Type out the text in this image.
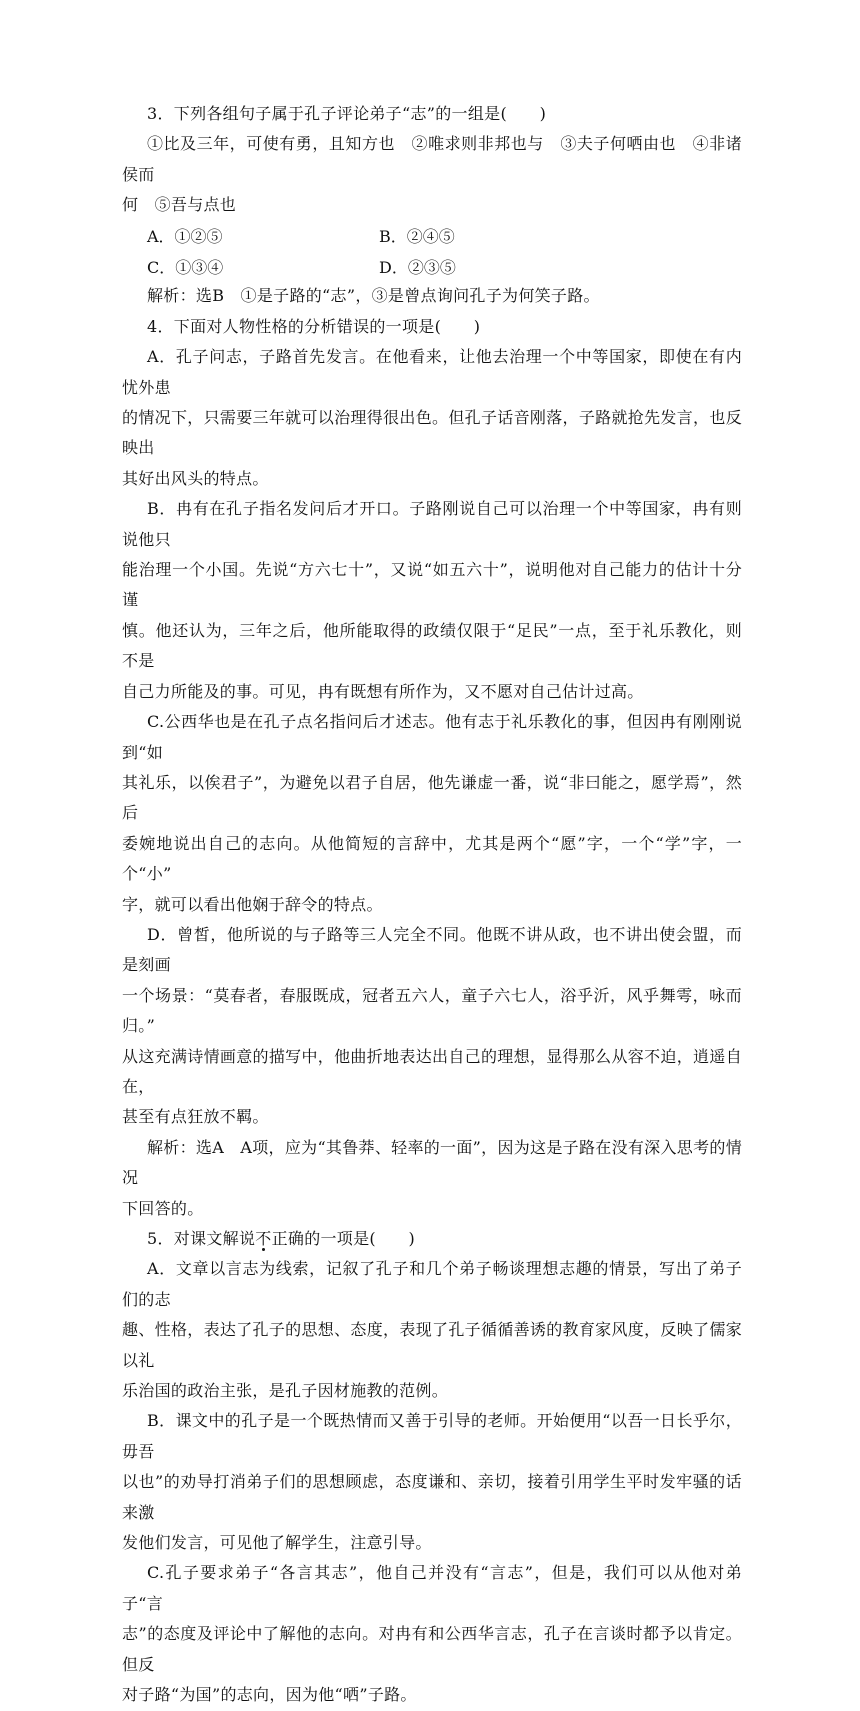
3．下列各组句子属于孔子评论弟子“志”的一组是(　　)

①比及三年，可使有勇，且知方也　②唯求则非邦也与　③夫子何哂由也　④非诸侯而

何　⑤吾与点也

A．①②⑤	B．②④⑤
C．①③④	D．②③⑤

解析：选B　①是子路的“志”，③是曾点询问孔子为何笑子路。

4．下面对人物性格的分析错误的一项是(　　)

A．孔子问志，子路首先发言。在他看来，让他去治理一个中等国家，即使在有内忧外患

的情况下，只需要三年就可以治理得很出色。但孔子话音刚落，子路就抢先发言，也反映出

其好出风头的特点。

B．冉有在孔子指名发问后才开口。子路刚说自己可以治理一个中等国家，冉有则说他只

能治理一个小国。先说“方六七十”，又说“如五六十”，说明他对自己能力的估计十分谨

慎。他还认为，三年之后，他所能取得的政绩仅限于“足民”一点，至于礼乐教化，则不是

自己力所能及的事。可见，冉有既想有所作为，又不愿对自己估计过高。

C.公西华也是在孔子点名指问后才述志。他有志于礼乐教化的事，但因冉有刚刚说到“如

其礼乐，以俟君子”，为避免以君子自居，他先谦虚一番，说“非曰能之，愿学焉”，然后

委婉地说出自己的志向。从他简短的言辞中，尤其是两个“愿”字，一个“学”字，一个“小”

字，就可以看出他娴于辞令的特点。

D．曾皙，他所说的与子路等三人完全不同。他既不讲从政，也不讲出使会盟，而是刻画

一个场景：“莫春者，春服既成，冠者五六人，童子六七人，浴乎沂，风乎舞雩，咏而归。”

从这充满诗情画意的描写中，他曲折地表达出自己的理想，显得那么从容不迫，逍遥自在，

甚至有点狂放不羁。

解析：选A　A项，应为“其鲁莽、轻率的一面”，因为这是子路在没有深入思考的情况

下回答的。

5．对课文解说不正确的一项是(　　)

A．文章以言志为线索，记叙了孔子和几个弟子畅谈理想志趣的情景，写出了弟子们的志

趣、性格，表达了孔子的思想、态度，表现了孔子循循善诱的教育家风度，反映了儒家以礼

乐治国的政治主张，是孔子因材施教的范例。

B．课文中的孔子是一个既热情而又善于引导的老师。开始便用“以吾一日长乎尔，毋吾

以也”的劝导打消弟子们的思想顾虑，态度谦和、亲切，接着引用学生平时发牢骚的话来激

发他们发言，可见他了解学生，注意引导。

C.孔子要求弟子“各言其志”，他自己并没有“言志”，但是，我们可以从他对弟子“言

志”的态度及评论中了解他的志向。对冉有和公西华言志，孔子在言谈时都予以肯定。但反

对子路“为国”的志向，因为他“哂”子路。
